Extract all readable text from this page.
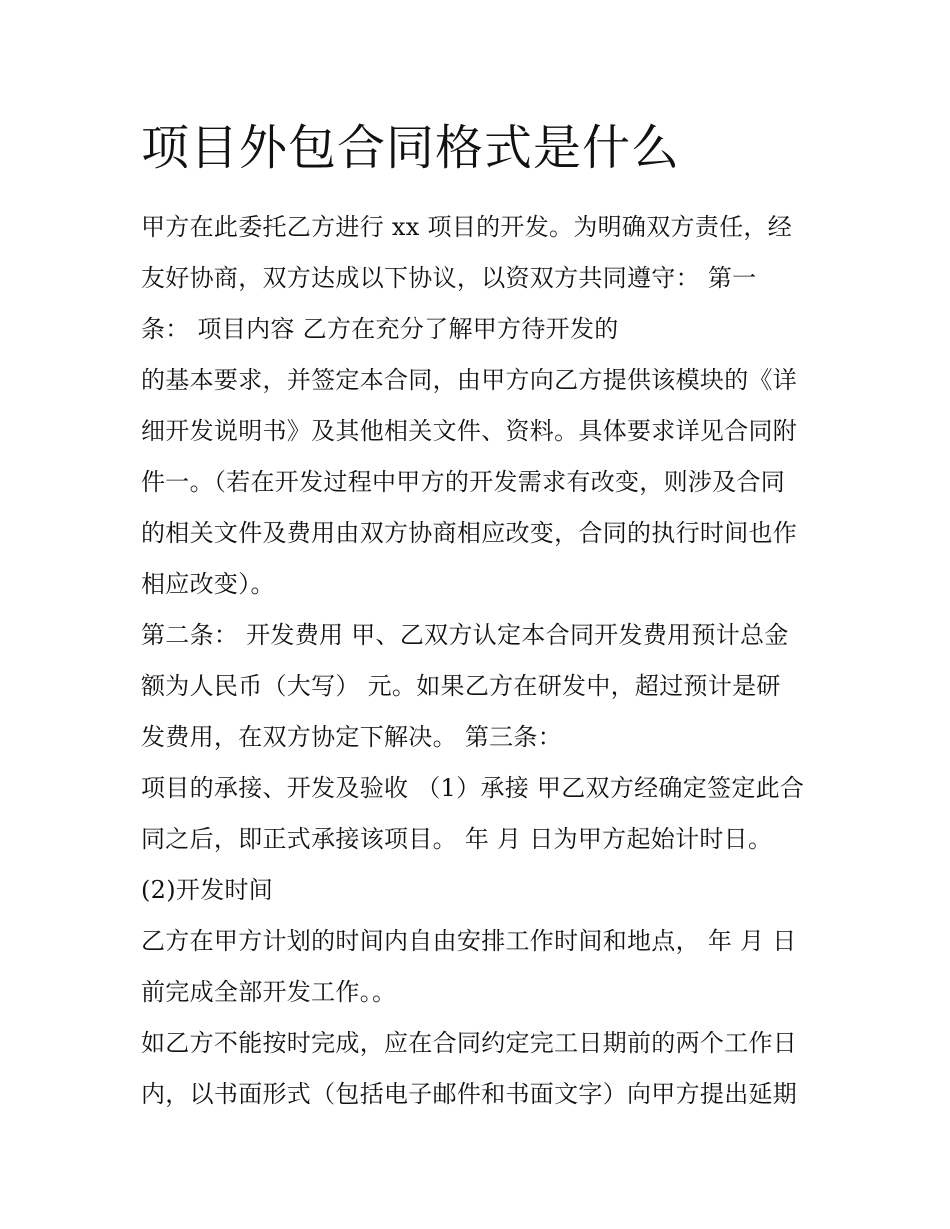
项目外包合同格式是什么
甲方在此委托乙方进行 xx 项目的开发。为明确双方责任，经
友好协商，双方达成以下协议，以资双方共同遵守： 第一
条： 项目内容 乙方在充分了解甲方待开发的
的基本要求，并签定本合同，由甲方向乙方提供该模块的《详
细开发说明书》及其他相关文件、资料。具体要求详见合同附
件一。（若在开发过程中甲方的开发需求有改变，则涉及合同
的相关文件及费用由双方协商相应改变，合同的执行时间也作
相应改变）。
第二条： 开发费用 甲、乙双方认定本合同开发费用预计总金
额为人民币（大写） 元。如果乙方在研发中，超过预计是研
发费用，在双方协定下解决。 第三条：
项目的承接、开发及验收 （1）承接 甲乙双方经确定签定此合
同之后，即正式承接该项目。 年 月 日为甲方起始计时日。
(2)开发时间
乙方在甲方计划的时间内自由安排工作时间和地点， 年 月 日
前完成全部开发工作。。
如乙方不能按时完成，应在合同约定完工日期前的两个工作日
内，以书面形式（包括电子邮件和书面文字）向甲方提出延期
